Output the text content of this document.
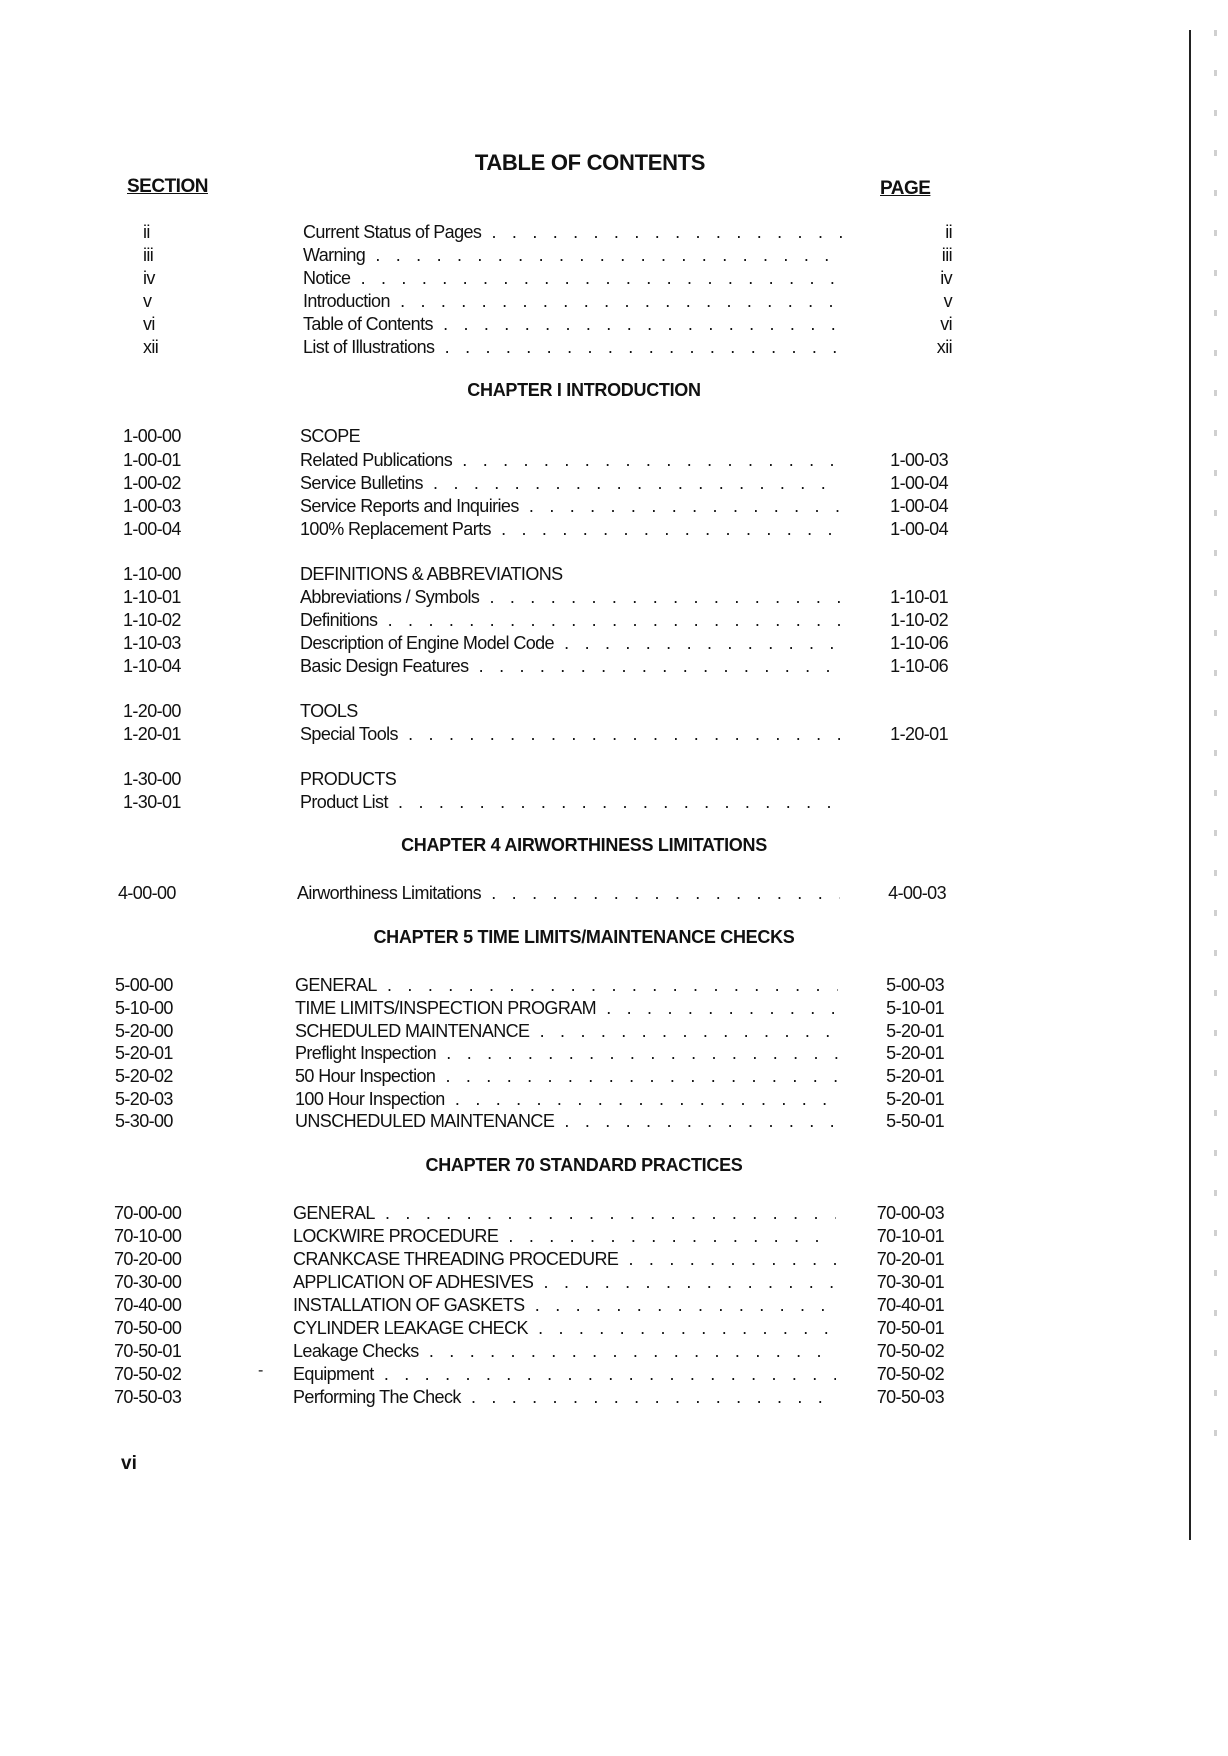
TABLE OF CONTENTS
SECTION	PAGE
ii	Current Status of Pages . . .	ii
iii	Warning . . .	iii
iv	Notice . . .	iv
v	Introduction . . .	v
vi	Table of Contents . . .	vi
xii	List of Illustrations . . .	xii
CHAPTER I INTRODUCTION
1-00-00	SCOPE
1-00-01	Related Publications . . .	1-00-03
1-00-02	Service Bulletins . . .	1-00-04
1-00-03	Service Reports and Inquiries . . .	1-00-04
1-00-04	100% Replacement Parts . . .	1-00-04
1-10-00	DEFINITIONS & ABBREVIATIONS
1-10-01	Abbreviations / Symbols . . .	1-10-01
1-10-02	Definitions . . .	1-10-02
1-10-03	Description of Engine Model Code . . .	1-10-06
1-10-04	Basic Design Features . . .	1-10-06
1-20-00	TOOLS
1-20-01	Special Tools . . .	1-20-01
1-30-00	PRODUCTS
1-30-01	Product List . . .
CHAPTER 4 AIRWORTHINESS LIMITATIONS
4-00-00	Airworthiness Limitations . . .	4-00-03
CHAPTER 5 TIME LIMITS/MAINTENANCE CHECKS
5-00-00	GENERAL . . .	5-00-03
5-10-00	TIME LIMITS/INSPECTION PROGRAM . . .	5-10-01
5-20-00	SCHEDULED MAINTENANCE . . .	5-20-01
5-20-01	Preflight Inspection . . .	5-20-01
5-20-02	50 Hour Inspection . . .	5-20-01
5-20-03	100 Hour Inspection . . .	5-20-01
5-30-00	UNSCHEDULED MAINTENANCE . . .	5-50-01
CHAPTER 70 STANDARD PRACTICES
70-00-00	GENERAL . . .	70-00-03
70-10-00	LOCKWIRE PROCEDURE . . .	70-10-01
70-20-00	CRANKCASE THREADING PROCEDURE . . .	70-20-01
70-30-00	APPLICATION OF ADHESIVES . . .	70-30-01
70-40-00	INSTALLATION OF GASKETS . . .	70-40-01
70-50-00	CYLINDER LEAKAGE CHECK . . .	70-50-01
70-50-01	Leakage Checks . . .	70-50-02
70-50-02	Equipment . . .	70-50-02
70-50-03	Performing The Check . . .	70-50-03
-
vi
